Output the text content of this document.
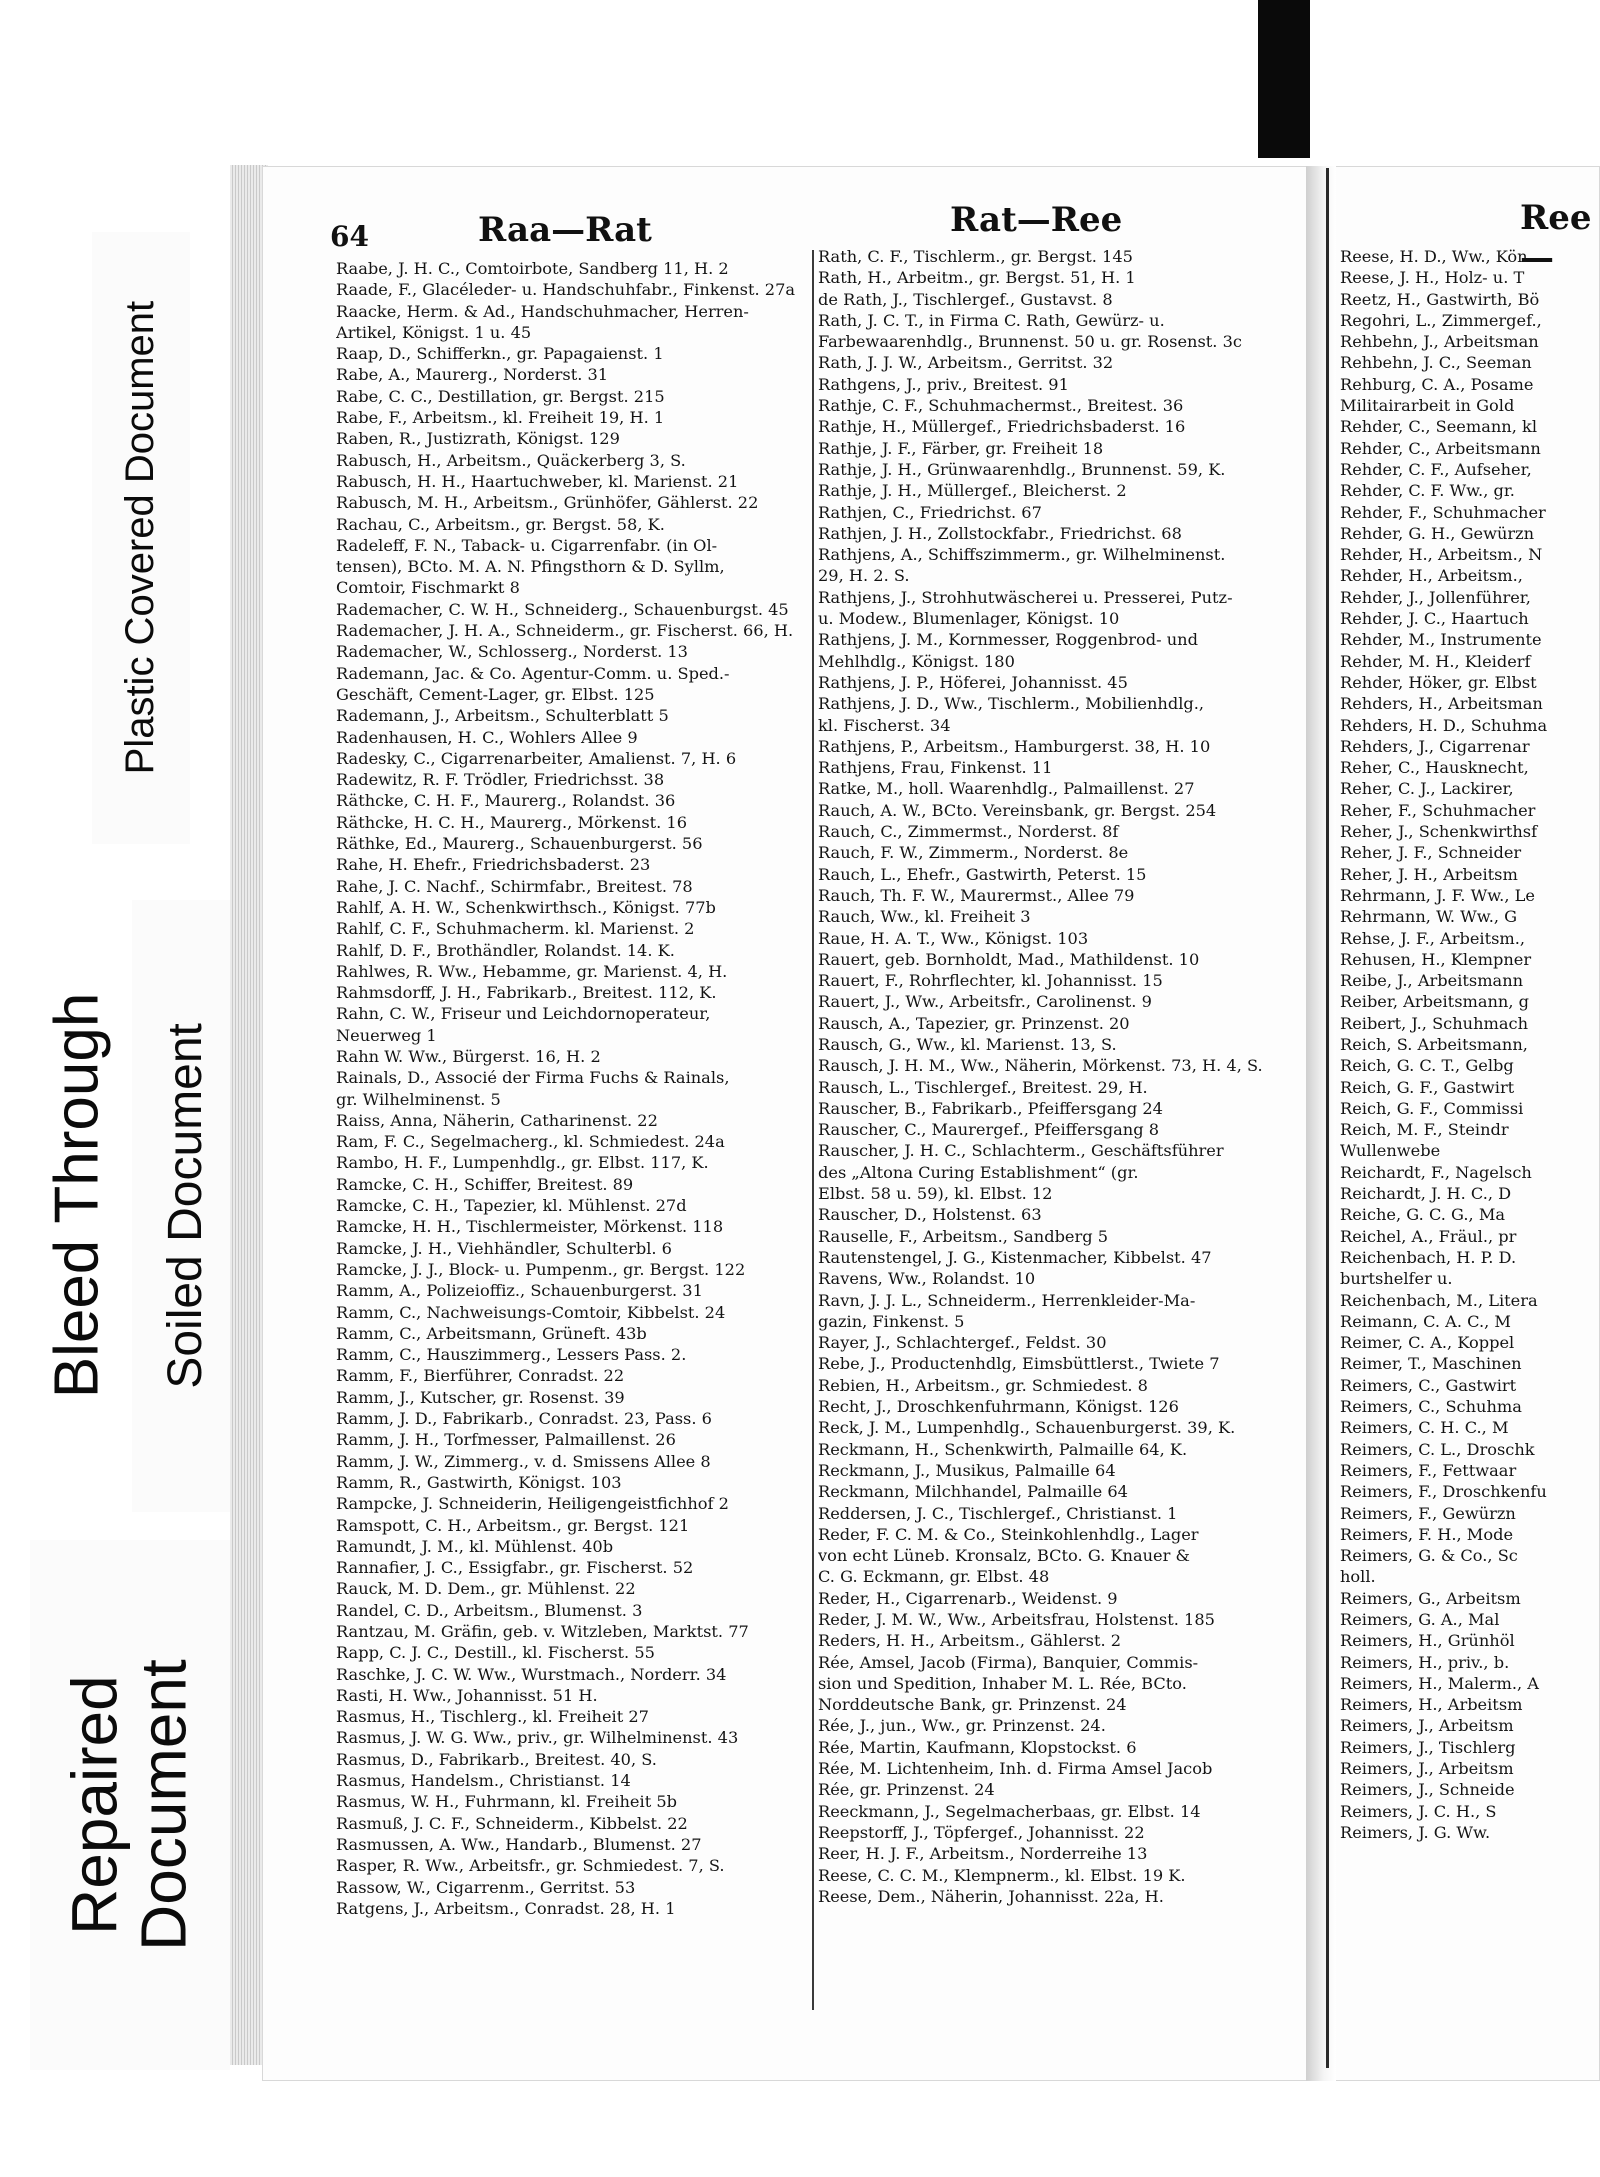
Plastic Covered Document
Bleed Through Soiled Document
Repaired
Document
64	Raa—Rat	Rat—Ree	Ree—
Raabe, J. H. C., Comtoirbote, Sandberg 11, H. 2
Raade, F., Glacéleder- u. Handschuhfabr., Finkenst. 27a
Raacke, Herm. & Ad., Handschuhmacher, Herren-
Artikel, Königst. 1 u. 45
Raap, D., Schifferkn., gr. Papagaienst. 1
Rabe, A., Maurerg., Norderst. 31
Rabe, C. C., Destillation, gr. Bergst. 215
Rabe, F., Arbeitsm., kl. Freiheit 19, H. 1
Raben, R., Justizrath, Königst. 129
Rabusch, H., Arbeitsm., Quäckerberg 3, S.
Rabusch, H. H., Haartuchweber, kl. Marienst. 21
Rabusch, M. H., Arbeitsm., Grünhöfer, Gählerst. 22
Rachau, C., Arbeitsm., gr. Bergst. 58, K.
Radeleff, F. N., Taback- u. Cigarrenfabr. (in Ol-
tensen), BCto. M. A. N. Pfingsthorn & D. Syllm,
Comtoir, Fischmarkt 8
Rademacher, C. W. H., Schneiderg., Schauenburgst. 45
Rademacher, J. H. A., Schneiderm., gr. Fischerst. 66, H.
Rademacher, W., Schlosserg., Norderst. 13
Rademann, Jac. & Co. Agentur-Comm. u. Sped.-
Geschäft, Cement-Lager, gr. Elbst. 125
Rademann, J., Arbeitsm., Schulterblatt 5
Radenhausen, H. C., Wohlers Allee 9
Radesky, C., Cigarrenarbeiter, Amalienst. 7, H. 6
Radewitz, R. F. Trödler, Friedrichsst. 38
Räthcke, C. H. F., Maurerg., Rolandst. 36
Räthcke, H. C. H., Maurerg., Mörkenst. 16
Räthke, Ed., Maurerg., Schauenburgerst. 56
Rahe, H. Ehefr., Friedrichsbaderst. 23
Rahe, J. C. Nachf., Schirmfabr., Breitest. 78
Rahlf, A. H. W., Schenkwirthsch., Königst. 77b
Rahlf, C. F., Schuhmacherm. kl. Marienst. 2
Rahlf, D. F., Brothändler, Rolandst. 14. K.
Rahlwes, R. Ww., Hebamme, gr. Marienst. 4, H.
Rahmsdorff, J. H., Fabrikarb., Breitest. 112, K.
Rahn, C. W., Friseur und Leichdornoperateur,
Neuerweg 1
Rahn W. Ww., Bürgerst. 16, H. 2
Rainals, D., Associé der Firma Fuchs & Rainals,
gr. Wilhelminenst. 5
Raiss, Anna, Näherin, Catharinenst. 22
Ram, F. C., Segelmacherg., kl. Schmiedest. 24a
Rambo, H. F., Lumpenhdlg., gr. Elbst. 117, K.
Ramcke, C. H., Schiffer, Breitest. 89
Ramcke, C. H., Tapezier, kl. Mühlenst. 27d
Ramcke, H. H., Tischlermeister, Mörkenst. 118
Ramcke, J. H., Viehhändler, Schulterbl. 6
Ramcke, J. J., Block- u. Pumpenm., gr. Bergst. 122
Ramm, A., Polizeioffiz., Schauenburgerst. 31
Ramm, C., Nachweisungs-Comtoir, Kibbelst. 24
Ramm, C., Arbeitsmann, Grüneft. 43b
Ramm, C., Hauszimmerg., Lessers Pass. 2.
Ramm, F., Bierführer, Conradst. 22
Ramm, J., Kutscher, gr. Rosenst. 39
Ramm, J. D., Fabrikarb., Conradst. 23, Pass. 6
Ramm, J. H., Torfmesser, Palmaillenst. 26
Ramm, J. W., Zimmerg., v. d. Smissens Allee 8
Ramm, R., Gastwirth, Königst. 103
Rampcke, J. Schneiderin, Heiligengeistfichhof 2
Ramspott, C. H., Arbeitsm., gr. Bergst. 121
Ramundt, J. M., kl. Mühlenst. 40b
Rannafier, J. C., Essigfabr., gr. Fischerst. 52
Rauck, M. D. Dem., gr. Mühlenst. 22
Randel, C. D., Arbeitsm., Blumenst. 3
Rantzau, M. Gräfin, geb. v. Witzleben, Marktst. 77
Rapp, C. J. C., Destill., kl. Fischerst. 55
Raschke, J. C. W. Ww., Wurstmach., Norderr. 34
Rasti, H. Ww., Johannisst. 51 H.
Rasmus, H., Tischlerg., kl. Freiheit 27
Rasmus, J. W. G. Ww., priv., gr. Wilhelminenst. 43
Rasmus, D., Fabrikarb., Breitest. 40, S.
Rasmus, Handelsm., Christianst. 14
Rasmus, W. H., Fuhrmann, kl. Freiheit 5b
Rasmuß, J. C. F., Schneiderm., Kibbelst. 22
Rasmussen, A. Ww., Handarb., Blumenst. 27
Rasper, R. Ww., Arbeitsfr., gr. Schmiedest. 7, S.
Rassow, W., Cigarrenm., Gerritst. 53
Ratgens, J., Arbeitsm., Conradst. 28, H. 1
Rath, C. F., Tischlerm., gr. Bergst. 145
Rath, H., Arbeitm., gr. Bergst. 51, H. 1
de Rath, J., Tischlergef., Gustavst. 8
Rath, J. C. T., in Firma C. Rath, Gewürz- u.
Farbewaarenhdlg., Brunnenst. 50 u. gr. Rosenst. 3c
Rath, J. J. W., Arbeitsm., Gerritst. 32
Rathgens, J., priv., Breitest. 91
Rathje, C. F., Schuhmachermst., Breitest. 36
Rathje, H., Müllergef., Friedrichsbaderst. 16
Rathje, J. F., Färber, gr. Freiheit 18
Rathje, J. H., Grünwaarenhdlg., Brunnenst. 59, K.
Rathje, J. H., Müllergef., Bleicherst. 2
Rathjen, C., Friedrichst. 67
Rathjen, J. H., Zollstockfabr., Friedrichst. 68
Rathjens, A., Schiffszimmerm., gr. Wilhelminenst.
29, H. 2. S.
Rathjens, J., Strohhutwäscherei u. Presserei, Putz-
u. Modew., Blumenlager, Königst. 10
Rathjens, J. M., Kornmesser, Roggenbrod- und
Mehlhdlg., Königst. 180
Rathjens, J. P., Höferei, Johannisst. 45
Rathjens, J. D., Ww., Tischlerm., Mobilienhdlg.,
kl. Fischerst. 34
Rathjens, P., Arbeitsm., Hamburgerst. 38, H. 10
Rathjens, Frau, Finkenst. 11
Ratke, M., holl. Waarenhdlg., Palmaillenst. 27
Rauch, A. W., BCto. Vereinsbank, gr. Bergst. 254
Rauch, C., Zimmermst., Norderst. 8f
Rauch, F. W., Zimmerm., Norderst. 8e
Rauch, L., Ehefr., Gastwirth, Peterst. 15
Rauch, Th. F. W., Maurermst., Allee 79
Rauch, Ww., kl. Freiheit 3
Raue, H. A. T., Ww., Königst. 103
Rauert, geb. Bornholdt, Mad., Mathildenst. 10
Rauert, F., Rohrflechter, kl. Johannisst. 15
Rauert, J., Ww., Arbeitsfr., Carolinenst. 9
Rausch, A., Tapezier, gr. Prinzenst. 20
Rausch, G., Ww., kl. Marienst. 13, S.
Rausch, J. H. M., Ww., Näherin, Mörkenst. 73, H. 4, S.
Rausch, L., Tischlergef., Breitest. 29, H.
Rauscher, B., Fabrikarb., Pfeiffersgang 24
Rauscher, C., Maurergef., Pfeiffersgang 8
Rauscher, J. H. C., Schlachterm., Geschäftsführer
des „Altona Curing Establishment“ (gr.
Elbst. 58 u. 59), kl. Elbst. 12
Rauscher, D., Holstenst. 63
Rauselle, F., Arbeitsm., Sandberg 5
Rautenstengel, J. G., Kistenmacher, Kibbelst. 47
Ravens, Ww., Rolandst. 10
Ravn, J. J. L., Schneiderm., Herrenkleider-Ma-
gazin, Finkenst. 5
Rayer, J., Schlachtergef., Feldst. 30
Rebe, J., Productenhdlg, Eimsbüttlerst., Twiete 7
Rebien, H., Arbeitsm., gr. Schmiedest. 8
Recht, J., Droschkenfuhrmann, Königst. 126
Reck, J. M., Lumpenhdlg., Schauenburgerst. 39, K.
Reckmann, H., Schenkwirth, Palmaille 64, K.
Reckmann, J., Musikus, Palmaille 64
Reckmann, Milchhandel, Palmaille 64
Reddersen, J. C., Tischlergef., Christianst. 1
Reder, F. C. M. & Co., Steinkohlenhdlg., Lager
von echt Lüneb. Kronsalz, BCto. G. Knauer &
C. G. Eckmann, gr. Elbst. 48
Reder, H., Cigarrenarb., Weidenst. 9
Reder, J. M. W., Ww., Arbeitsfrau, Holstenst. 185
Reders, H. H., Arbeitsm., Gählerst. 2
Rée, Amsel, Jacob (Firma), Banquier, Commis-
sion und Spedition, Inhaber M. L. Rée, BCto.
Norddeutsche Bank, gr. Prinzenst. 24
Rée, J., jun., Ww., gr. Prinzenst. 24.
Rée, Martin, Kaufmann, Klopstockst. 6
Rée, M. Lichtenheim, Inh. d. Firma Amsel Jacob
Rée, gr. Prinzenst. 24
Reeckmann, J., Segelmacherbaas, gr. Elbst. 14
Reepstorff, J., Töpfergef., Johannisst. 22
Reer, H. J. F., Arbeitsm., Norderreihe 13
Reese, C. C. M., Klempnerm., kl. Elbst. 19 K.
Reese, Dem., Näherin, Johannisst. 22a, H.
Reese, H. D., Ww., Kön
Reese, J. H., Holz- u. T
Reetz, H., Gastwirth, Bö
Regohri, L., Zimmergef.,
Rehbehn, J., Arbeitsman
Rehbehn, J. C., Seeman
Rehburg, C. A., Posame
Militairarbeit in Gold
Rehder, C., Seemann, kl
Rehder, C., Arbeitsmann
Rehder, C. F., Aufseher,
Rehder, C. F. Ww., gr.
Rehder, F., Schuhmacher
Rehder, G. H., Gewürzn
Rehder, H., Arbeitsm., N
Rehder, H., Arbeitsm.,
Rehder, J., Jollenführer,
Rehder, J. C., Haartuch
Rehder, M., Instrumente
Rehder, M. H., Kleiderf
Rehder, Höker, gr. Elbst
Rehders, H., Arbeitsman
Rehders, H. D., Schuhma
Rehders, J., Cigarrenar
Reher, C., Hausknecht,
Reher, C. J., Lackirer,
Reher, F., Schuhmacher
Reher, J., Schenkwirthsf
Reher, J. F., Schneider
Reher, J. H., Arbeitsm
Rehrmann, J. F. Ww., Le
Rehrmann, W. Ww., G
Rehse, J. F., Arbeitsm.,
Rehusen, H., Klempner
Reibe, J., Arbeitsmann
Reiber, Arbeitsmann, g
Reibert, J., Schuhmach
Reich, S. Arbeitsmann,
Reich, G. C. T., Gelbg
Reich, G. F., Gastwirt
Reich, G. F., Commissi
Reich, M. F., Steindr
Wullenwebe
Reichardt, F., Nagelsch
Reichardt, J. H. C., D
Reiche, G. C. G., Ma
Reichel, A., Fräul., pr
Reichenbach, H. P. D.
burtshelfer u.
Reichenbach, M., Litera
Reimann, C. A. C., M
Reimer, C. A., Koppel
Reimer, T., Maschinen
Reimers, C., Gastwirt
Reimers, C., Schuhma
Reimers, C. H. C., M
Reimers, C. L., Droschk
Reimers, F., Fettwaar
Reimers, F., Droschkenfu
Reimers, F., Gewürzn
Reimers, F. H., Mode
Reimers, G. & Co., Sc
holl.
Reimers, G., Arbeitsm
Reimers, G. A., Mal
Reimers, H., Grünhöl
Reimers, H., priv., b.
Reimers, H., Malerm., A
Reimers, H., Arbeitsm
Reimers, J., Arbeitsm
Reimers, J., Tischlerg
Reimers, J., Arbeitsm
Reimers, J., Schneide
Reimers, J. C. H., S
Reimers, J. G. Ww.
